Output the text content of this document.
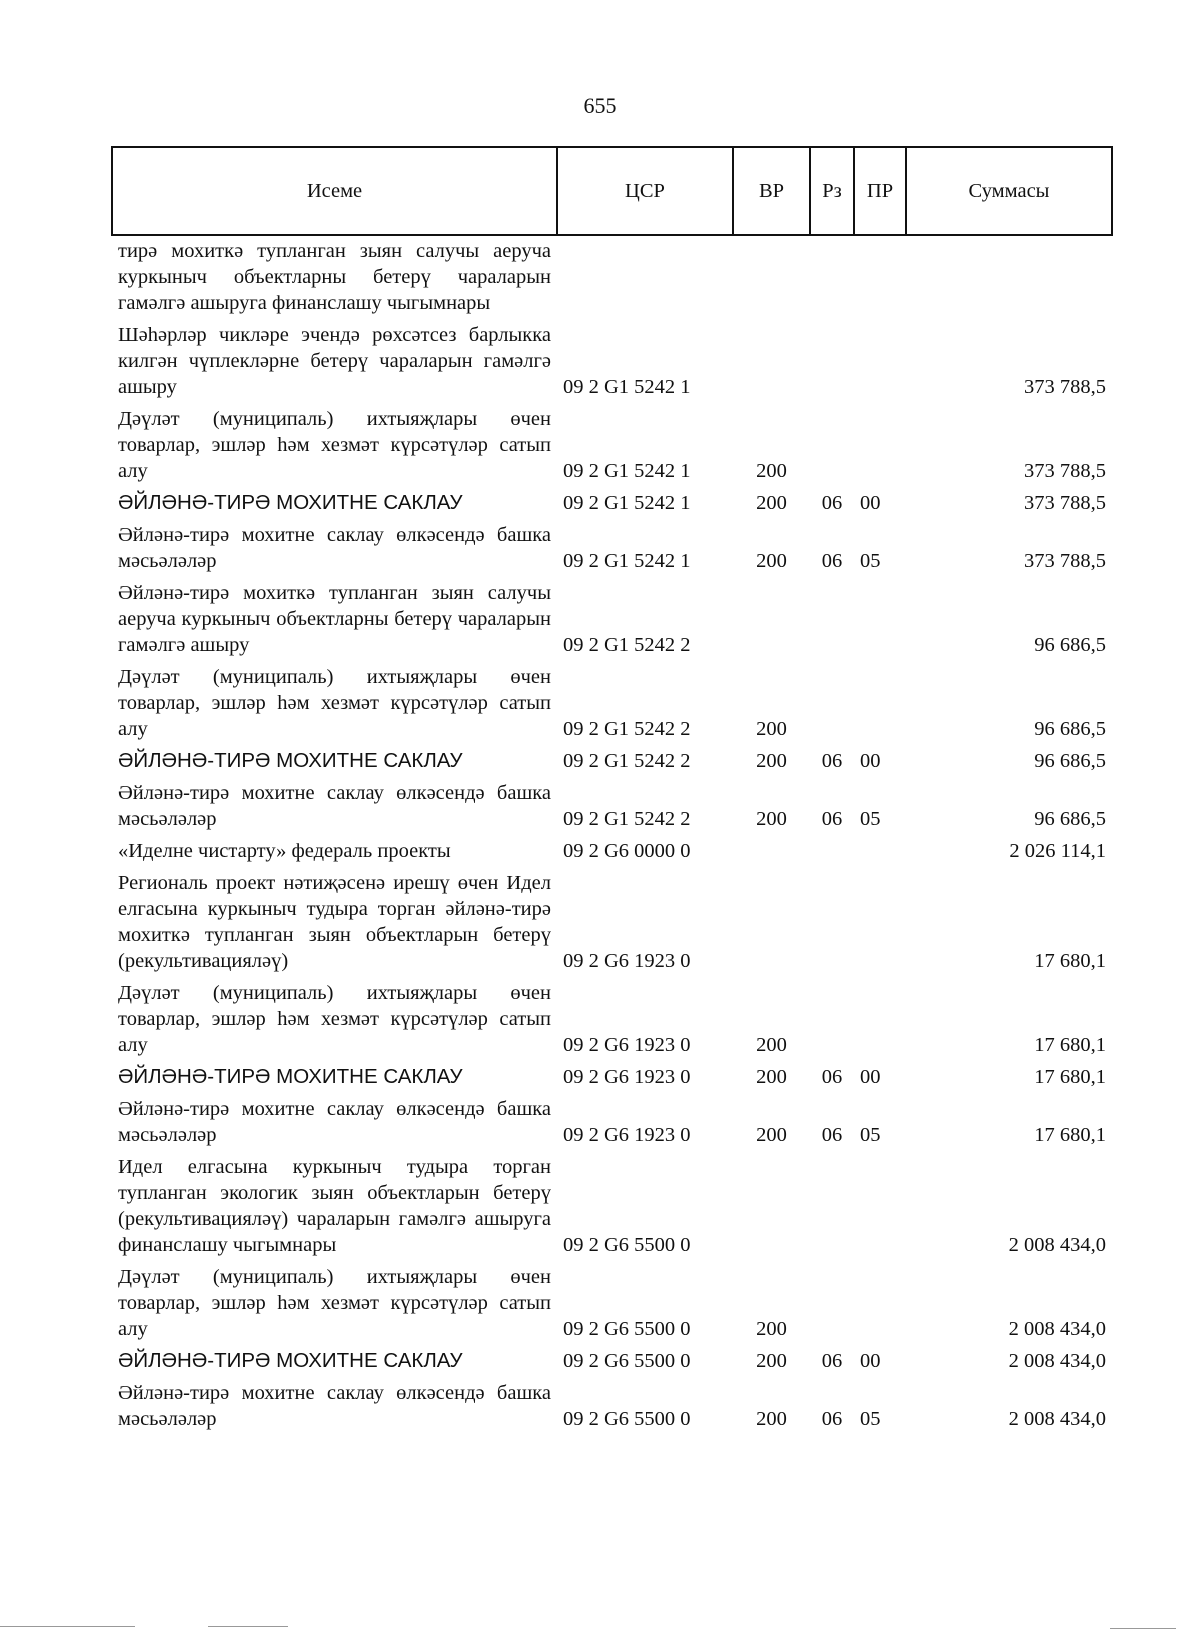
655
Исеме	ЦСР	ВР	Рз	ПР	Суммасы
тирә мохиткә тупланган зыян салучы аеручa куркыныч объектларны бетерү чараларын гамәлгә ашыруга финанслашу чыгымнары					
Шәһәрләр чикләре эчендә рөхсәтсез барлыкка килгән чүплекләрне бетерү чараларын гамәлгә ашыру	09 2 G1 5242 1				373 788,5
Дәүләт (муниципаль) ихтыяҗлары өчен товарлар, эшләр һәм хезмәт күрсәтүләр сатып алу	09 2 G1 5242 1	200			373 788,5
ӘЙЛӘНӘ-ТИРӘ МОХИТНЕ САКЛАУ	09 2 G1 5242 1	200	06	00	373 788,5
Әйләнә-тирә мохитне саклау өлкәсендә башка мәсьәләләр	09 2 G1 5242 1	200	06	05	373 788,5
Әйләнә-тирә мохиткә тупланган зыян салучы аеручa куркыныч объектларны бетерү чараларын гамәлгә ашыру	09 2 G1 5242 2				96 686,5
Дәүләт (муниципаль) ихтыяҗлары өчен товарлар, эшләр һәм хезмәт күрсәтүләр сатып алу	09 2 G1 5242 2	200			96 686,5
ӘЙЛӘНӘ-ТИРӘ МОХИТНЕ САКЛАУ	09 2 G1 5242 2	200	06	00	96 686,5
Әйләнә-тирә мохитне саклау өлкәсендә башка мәсьәләләр	09 2 G1 5242 2	200	06	05	96 686,5
«Иделне чистарту» федераль проекты	09 2 G6 0000 0				2 026 114,1
Региональ проект нәтиҗәсенә ирешү өчен Идел елгасына куркыныч тудыра торган әйләнә-тирә мохиткә тупланган зыян объектларын бетерү (рекультивацияләү)	09 2 G6 1923 0				17 680,1
Дәүләт (муниципаль) ихтыяҗлары өчен товарлар, эшләр һәм хезмәт күрсәтүләр сатып алу	09 2 G6 1923 0	200			17 680,1
ӘЙЛӘНӘ-ТИРӘ МОХИТНЕ САКЛАУ	09 2 G6 1923 0	200	06	00	17 680,1
Әйләнә-тирә мохитне саклау өлкәсендә башка мәсьәләләр	09 2 G6 1923 0	200	06	05	17 680,1
Идел елгасына куркыныч тудыра торган тупланган экологик зыян объектларын бетерү (рекультивацияләү) чараларын гамәлгә ашыруга финанслашу чыгымнары	09 2 G6 5500 0				2 008 434,0
Дәүләт (муниципаль) ихтыяҗлары өчен товарлар, эшләр һәм хезмәт күрсәтүләр сатып алу	09 2 G6 5500 0	200			2 008 434,0
ӘЙЛӘНӘ-ТИРӘ МОХИТНЕ САКЛАУ	09 2 G6 5500 0	200	06	00	2 008 434,0
Әйләнә-тирә мохитне саклау өлкәсендә башка мәсьәләләр	09 2 G6 5500 0	200	06	05	2 008 434,0
